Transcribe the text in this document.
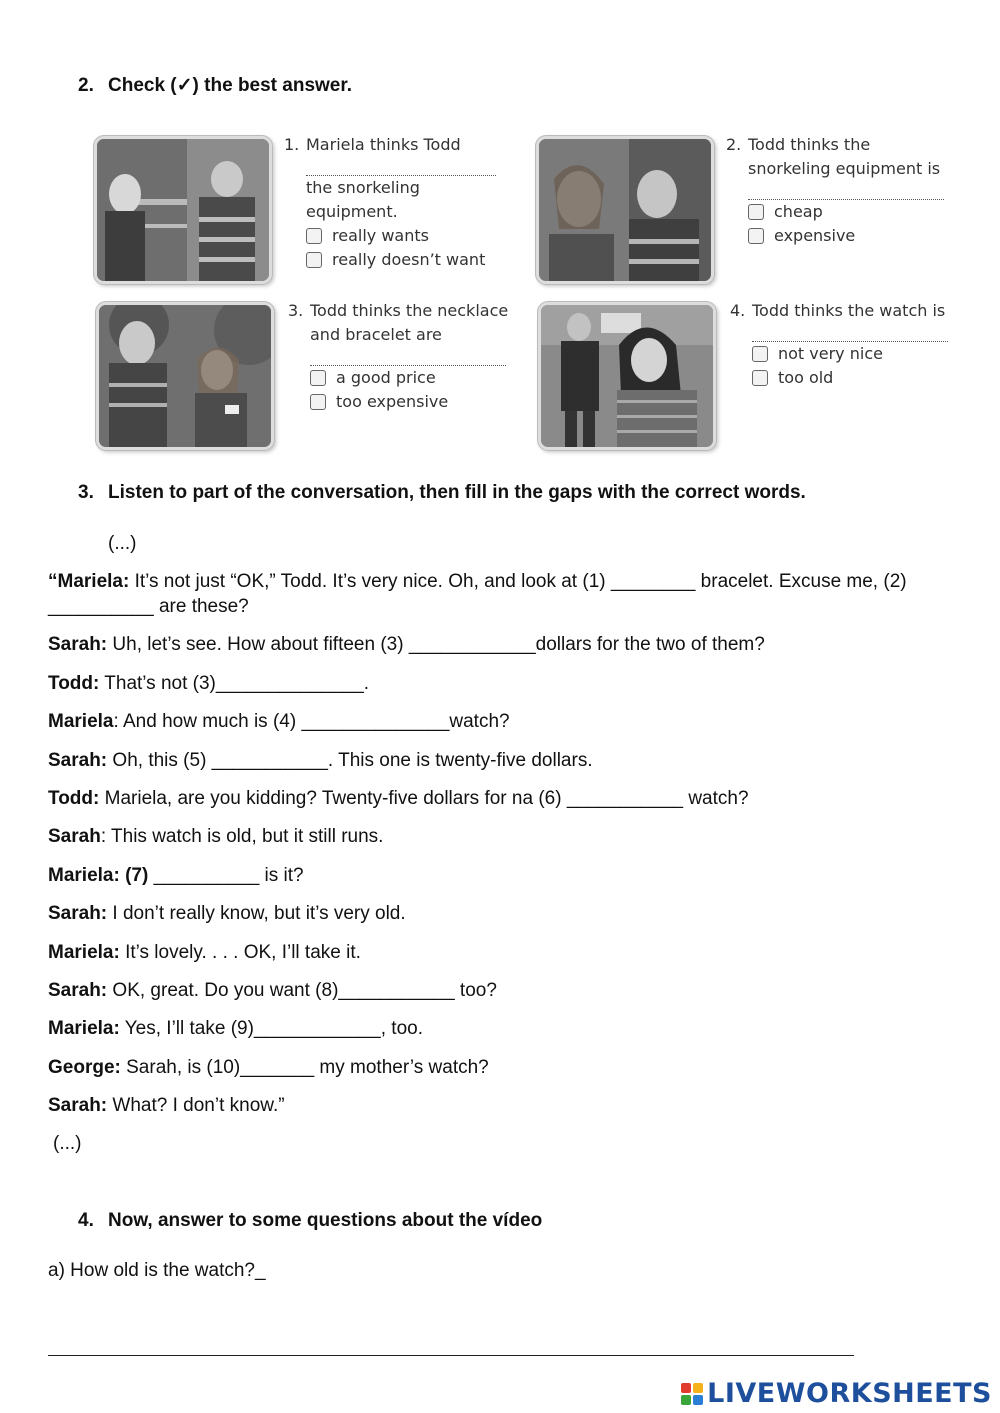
2. Check (✓) the best answer.
1. Mariela thinks Todd
the snorkeling
equipment.
really wants
really doesn’t want
2. Todd thinks the
snorkeling equipment is
cheap
expensive
3. Todd thinks the necklace
and bracelet are
a good price
too expensive
4. Todd thinks the watch is
not very nice
too old
3. Listen to part of the conversation, then fill in the gaps with the correct words.
(...)
“Mariela: It’s not just “OK,” Todd. It’s very nice. Oh, and look at (1) ________ bracelet. Excuse me, (2) __________ are these?
Sarah: Uh, let’s see. How about fifteen (3) ____________dollars for the two of them?
Todd: That’s not (3)______________.
Mariela: And how much is (4) ______________watch?
Sarah: Oh, this (5) ___________. This one is twenty-five dollars.
Todd: Mariela, are you kidding? Twenty-five dollars for na (6) ___________ watch?
Sarah: This watch is old, but it still runs.
Mariela: (7) __________ is it?
Sarah: I don’t really know, but it’s very old.
Mariela: It’s lovely. . . . OK, I’ll take it.
Sarah: OK, great. Do you want (8)___________ too?
Mariela: Yes, I’ll take (9)____________, too.
George: Sarah, is (10)_______ my mother’s watch?
Sarah: What? I don’t know.”
(...)
4. Now, answer to some questions about the vídeo
a) How old is the watch?_
LIVEWORKSHEETS
